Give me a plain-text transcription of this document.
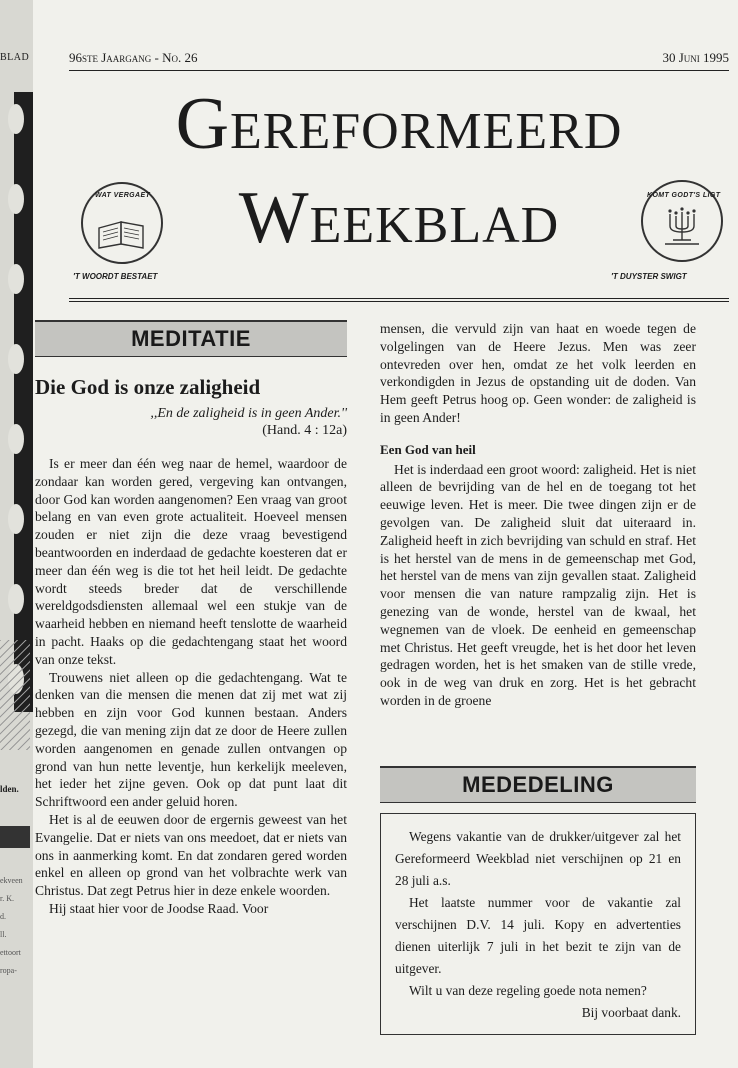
BLAD
lden.
ekveen
r. K.
d.
ll.
ettoort
ropa-
96ste Jaargang - No. 26	30 Juni 1995
Gereformeerd
Weekblad
WAT VERGAET
'T WOORDT BESTAET
KOMT GODT'S LIGT
'T DUYSTER SWIGT
MEDITATIE
Die God is onze zaligheid
,,En de zaligheid is in geen Ander.''
(Hand. 4 : 12a)

Is er meer dan één weg naar de hemel, waardoor de zondaar kan worden gered, vergeving kan ontvangen, door God kan worden aangenomen? Een vraag van groot belang en van even grote actualiteit. Hoeveel mensen zouden er niet zijn die deze vraag bevestigend beantwoorden en inderdaad de gedachte koesteren dat er meer dan één weg is die tot het heil leidt. De gedachte wordt steeds breder dat de verschillende wereldgodsdiensten allemaal wel een stukje van de waarheid hebben en niemand heeft tenslotte de waarheid in pacht. Haaks op die gedachtengang staat het woord van onze tekst.

Trouwens niet alleen op die gedachtengang. Wat te denken van die mensen die menen dat zij met wat zij hebben en zijn voor God kunnen bestaan. Anders gezegd, die van mening zijn dat ze door de Heere zullen worden aangenomen en genade zullen ontvangen op grond van hun nette leventje, hun kerkelijk meeleven, het ieder het zijne geven. Ook op dat punt laat dit Schriftwoord een ander geluid horen.

Het is al de eeuwen door de ergernis geweest van het Evangelie. Dat er niets van ons meedoet, dat er niets van ons in aanmerking komt. En dat zondaren gered worden enkel en alleen op grond van het volbrachte werk van Christus. Dat zegt Petrus hier in deze enkele woorden.

Hij staat hier voor de Joodse Raad. Voor

mensen, die vervuld zijn van haat en woede tegen de volgelingen van de Heere Jezus. Men was zeer ontevreden over hen, omdat ze het volk leerden en verkondigden in Jezus de opstanding uit de doden. Van Hem geeft Petrus hoog op. Geen wonder: de zaligheid is in geen Ander!

Een God van heil

Het is inderdaad een groot woord: zaligheid. Het is niet alleen de bevrijding van de hel en de toegang tot het eeuwige leven. Het is meer. Die twee dingen zijn er de gevolgen van. De zaligheid sluit dat uiteraard in. Zaligheid heeft in zich bevrijding van schuld en straf. Het is het herstel van de mens in de gemeenschap met God, het herstel van de mens van zijn gevallen staat. Zaligheid voor mensen die van nature rampzalig zijn. Het is genezing van de wonde, herstel van de kwaal, het wegnemen van de vloek. De eenheid en gemeenschap met Christus. Het geeft vreugde, het is het door het leven gedragen worden, het is het smaken van de stille vrede, ook in de weg van druk en zorg. Het is het gebracht worden in de groene

MEDEDELING

Wegens vakantie van de drukker/uitgever zal het Gereformeerd Weekblad niet verschijnen op 21 en 28 juli a.s.

Het laatste nummer voor de vakantie zal verschijnen D.V. 14 juli. Kopy en advertenties dienen uiterlijk 7 juli in het bezit te zijn van de uitgever.

Wilt u van deze regeling goede nota nemen?

Bij voorbaat dank.
